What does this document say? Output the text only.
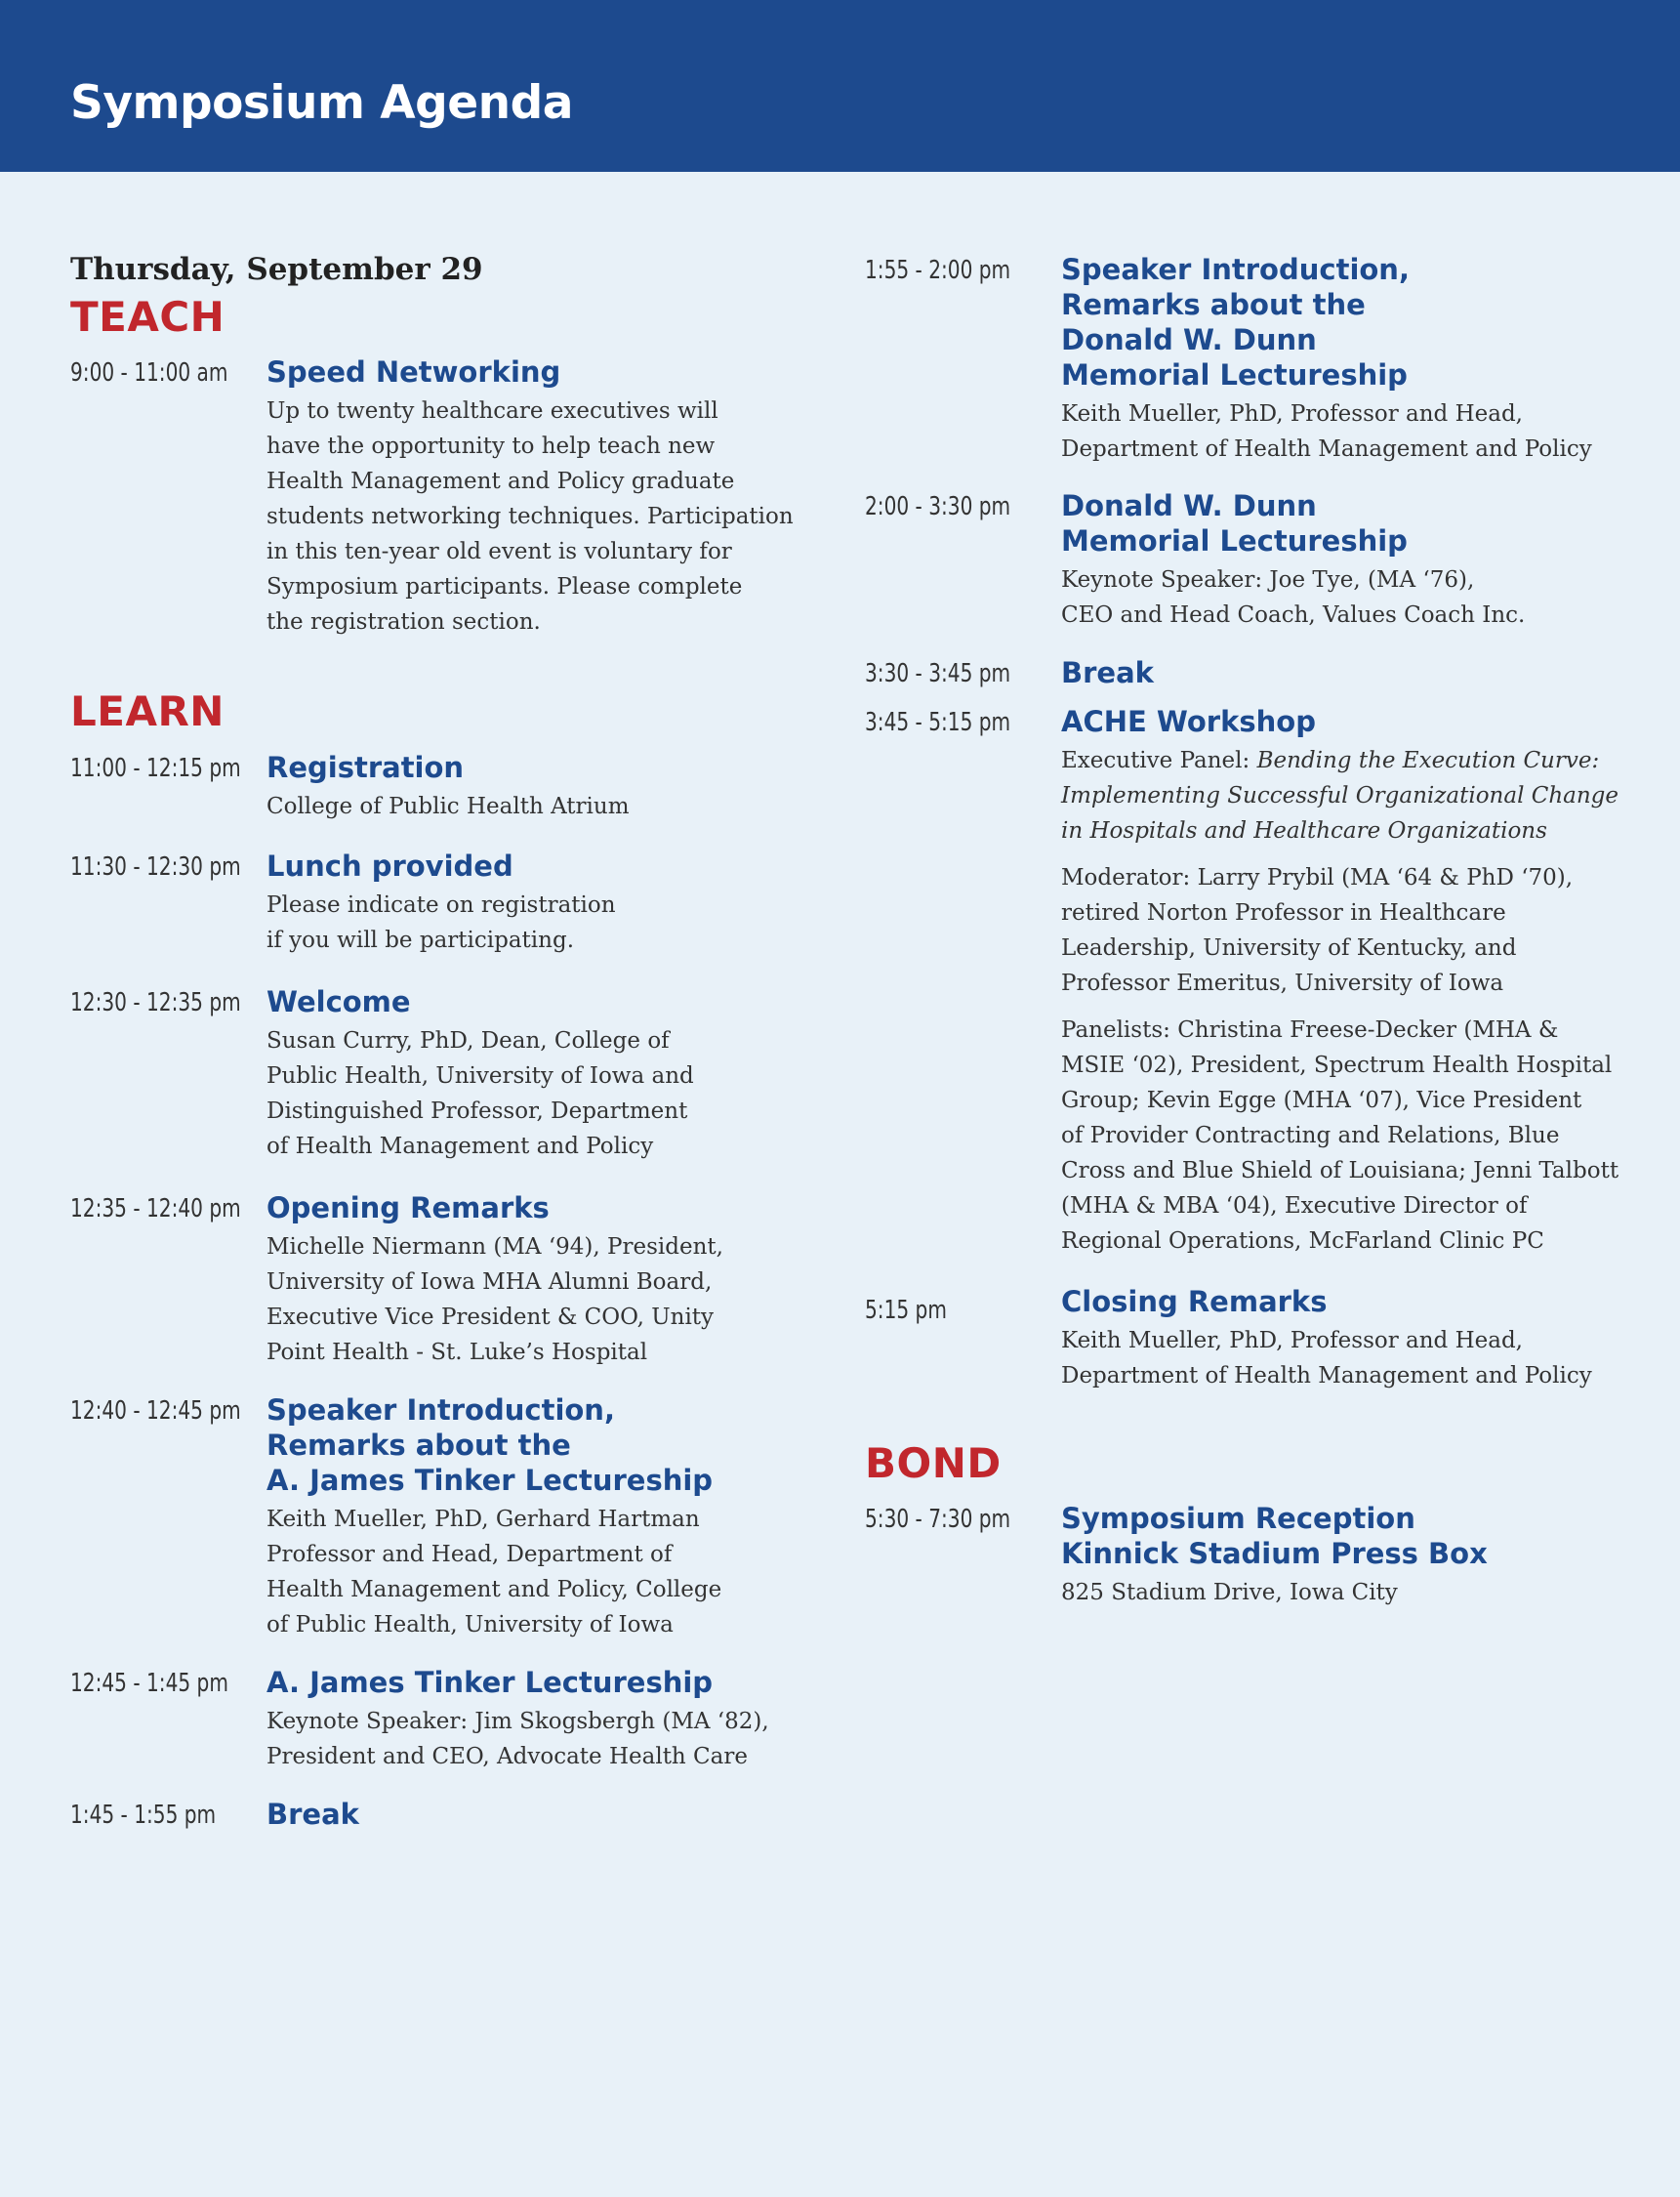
Symposium Agenda
Thursday, September 29
TEACH
9:00 - 11:00 am Speed Networking
Up to twenty healthcare executives will
have the opportunity to help teach new
Health Management and Policy graduate
students networking techniques. Participation
in this ten-year old event is voluntary for
Symposium participants. Please complete
the registration section.
LEARN
11:00 - 12:15 pm Registration
College of Public Health Atrium
11:30 - 12:30 pm Lunch provided
Please indicate on registration
if you will be participating.
12:30 - 12:35 pm Welcome
Susan Curry, PhD, Dean, College of
Public Health, University of Iowa and
Distinguished Professor, Department
of Health Management and Policy
12:35 - 12:40 pm Opening Remarks
Michelle Niermann (MA ‘94), President,
University of Iowa MHA Alumni Board,
Executive Vice President & COO, Unity
Point Health - St. Luke’s Hospital
12:40 - 12:45 pm Speaker Introduction,
Remarks about the
A. James Tinker Lectureship
Keith Mueller, PhD, Gerhard Hartman
Professor and Head, Department of
Health Management and Policy, College
of Public Health, University of Iowa
12:45 - 1:45 pm A. James Tinker Lectureship
Keynote Speaker: Jim Skogsbergh (MA ‘82),
President and CEO, Advocate Health Care
1:45 - 1:55 pm Break
1:55 - 2:00 pm Speaker Introduction,
Remarks about the
Donald W. Dunn
Memorial Lectureship
Keith Mueller, PhD, Professor and Head,
Department of Health Management and Policy
2:00 - 3:30 pm Donald W. Dunn
Memorial Lectureship
Keynote Speaker: Joe Tye, (MA ‘76),
CEO and Head Coach, Values Coach Inc.
3:30 - 3:45 pm Break
3:45 - 5:15 pm ACHE Workshop
Executive Panel: Bending the Execution Curve:
Implementing Successful Organizational Change
in Hospitals and Healthcare Organizations
Moderator: Larry Prybil (MA ‘64 & PhD ‘70),
retired Norton Professor in Healthcare
Leadership, University of Kentucky, and
Professor Emeritus, University of Iowa
Panelists: Christina Freese-Decker (MHA &
MSIE ‘02), President, Spectrum Health Hospital
Group; Kevin Egge (MHA ‘07), Vice President
of Provider Contracting and Relations, Blue
Cross and Blue Shield of Louisiana; Jenni Talbott
(MHA & MBA ‘04), Executive Director of
Regional Operations, McFarland Clinic PC
5:15 pm	Closing Remarks
Keith Mueller, PhD, Professor and Head,
Department of Health Management and Policy
BOND
5:30 - 7:30 pm Symposium Reception
Kinnick Stadium Press Box
825 Stadium Drive, Iowa City
